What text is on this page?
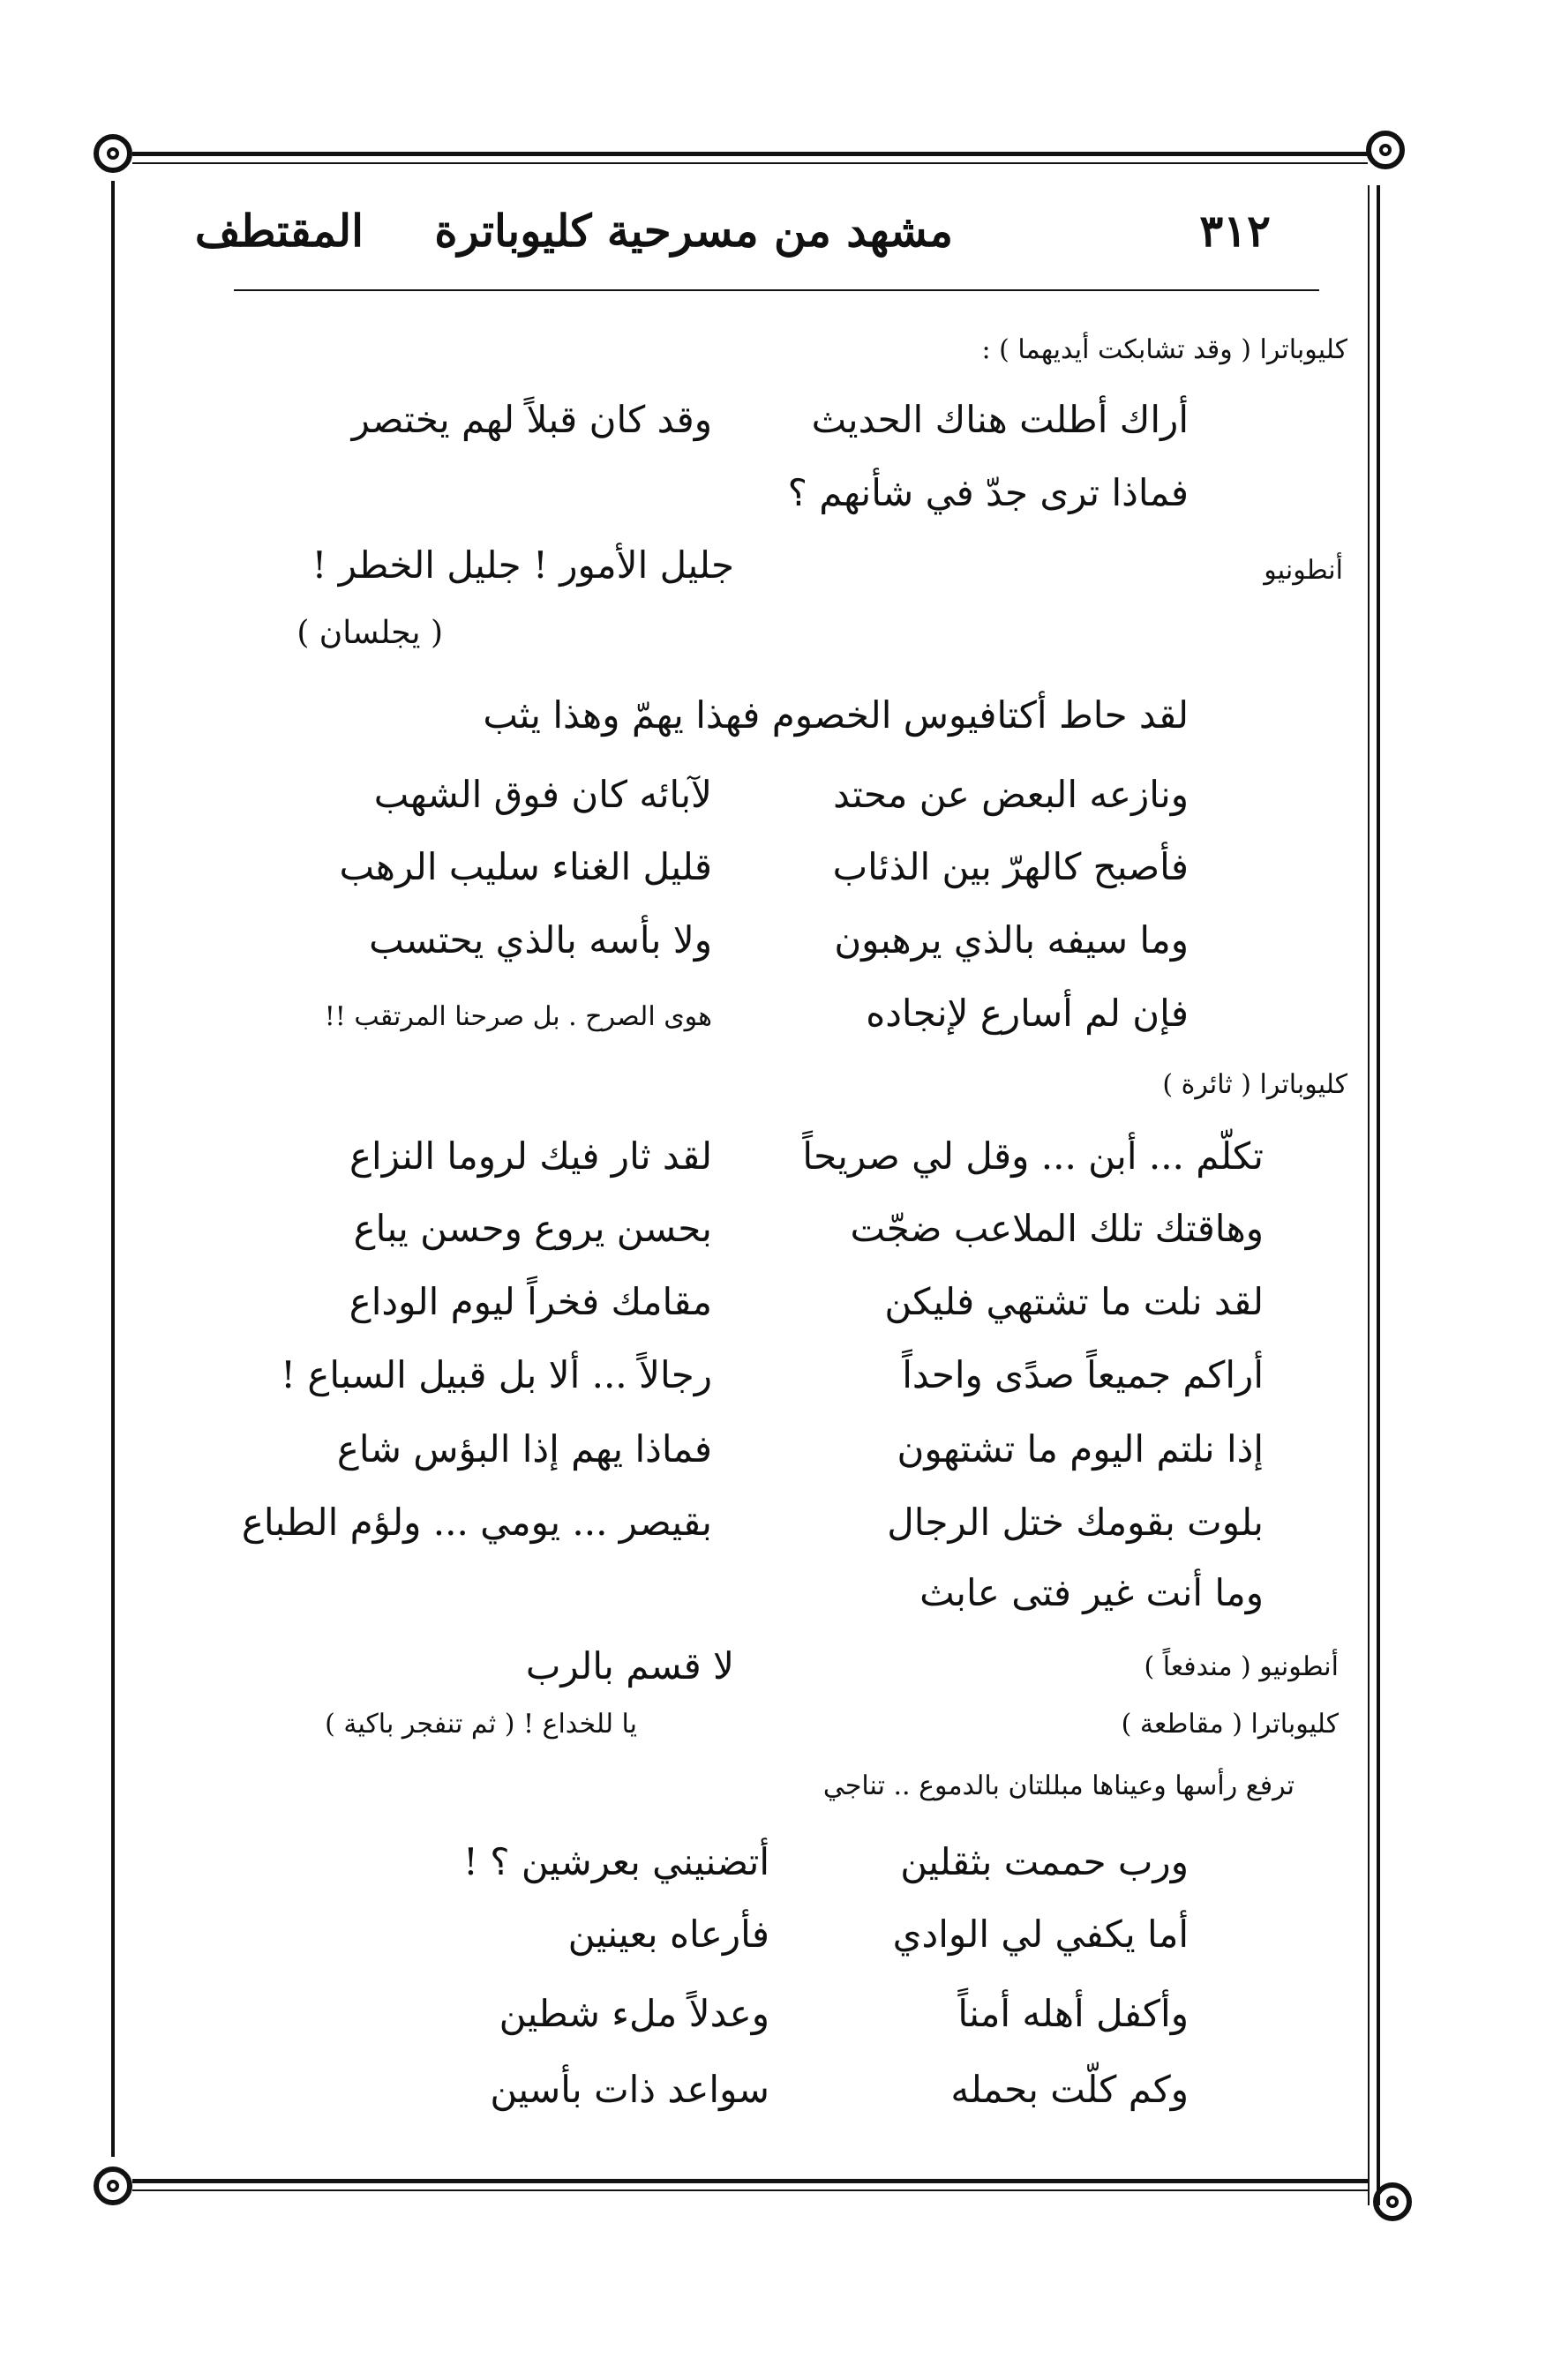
٣١٢
مشهد من مسرحية كليوباترة
المقتطف
كليوباترا ( وقد تشابكت أيديهما ) :
أراك أطلت هناك الحديث
وقد كان قبلاً لهم يختصر
فماذا ترى جدّ في شأنهم ؟
أنطونيو
جليل الأمور ! جليل الخطر !
( يجلسان )
لقد حاط أكتافيوس الخصوم فهذا يهمّ وهذا يثب
ونازعه البعض عن محتد
لآبائه كان فوق الشهب
فأصبح كالهرّ بين الذئاب
قليل الغناء سليب الرهب
وما سيفه بالذي يرهبون
ولا بأسه بالذي يحتسب
فإن لم أسارع لإنجاده
هوى الصرح . بل صرحنا المرتقب !!
كليوباترا ( ثائرة )
تكلّم ... أبن ... وقل لي صريحاً
لقد ثار فيك لروما النزاع
وهاقتك تلك الملاعب ضجّت
بحسن يروع وحسن يباع
لقد نلت ما تشتهي فليكن
مقامك فخراً ليوم الوداع
أراكم جميعاً صدًى واحداً
رجالاً ... ألا بل قبيل السباع !
إذا نلتم اليوم ما تشتهون
فماذا يهم إذا البؤس شاع
بلوت بقومك ختل الرجال
بقيصر ... يومي ... ولؤم الطباع
وما أنت غير فتى عابث
أنطونيو ( مندفعاً )
لا قسم بالرب
كليوباترا ( مقاطعة )
يا للخداع ! ( ثم تنفجر باكية )
ترفع رأسها وعيناها مبللتان بالدموع .. تناجي
ورب حممت بثقلين
أتضنيني بعرشين ؟ !
أما يكفي لي الوادي
فأرعاه بعينين
وأكفل أهله أمناً
وعدلاً ملء شطين
وكم كلّت بحمله
سواعد ذات بأسين
